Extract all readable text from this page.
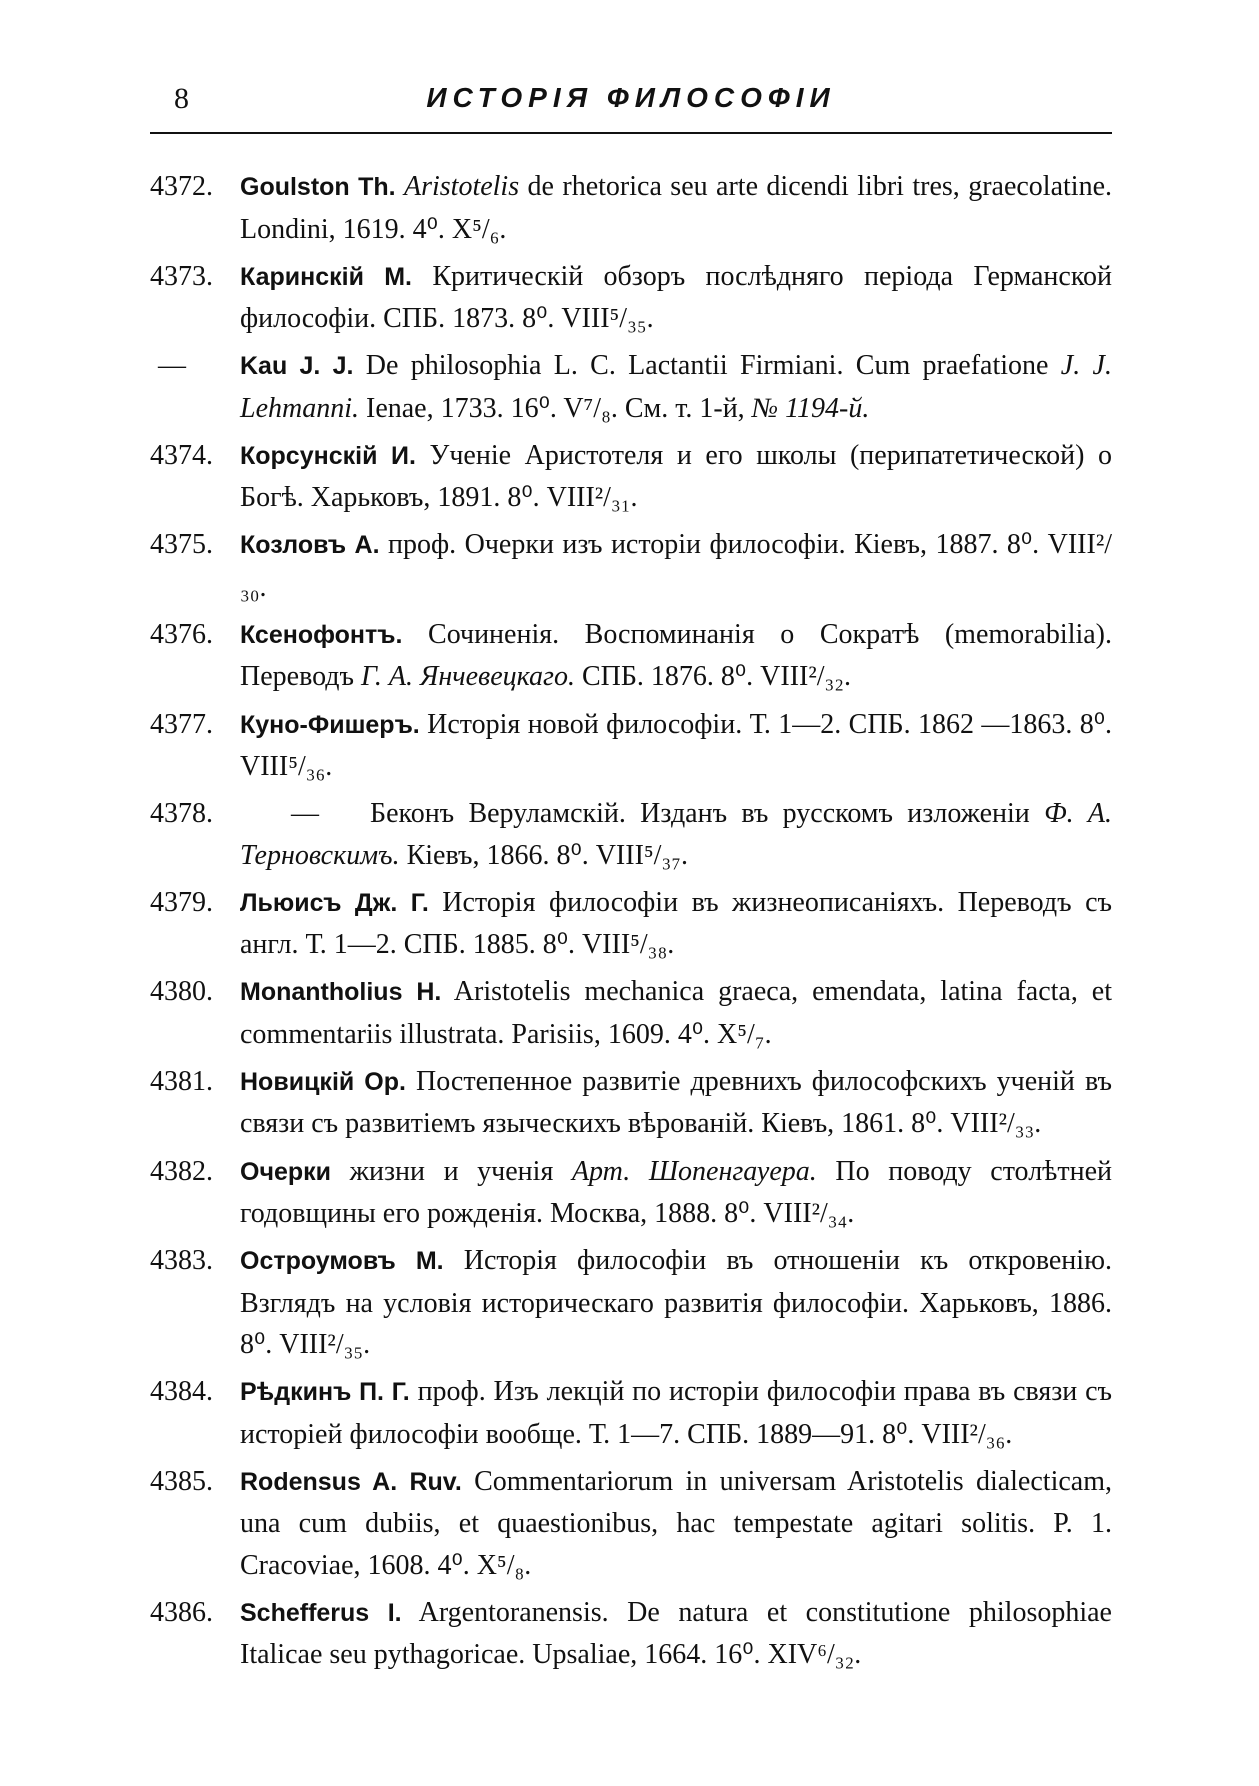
8	ИСТОРІЯ ФИЛОСОФІИ
4372.	Goulston Th. Aristotelis de rhetorica seu arte dicendi libri tres, graecolatine. Londini, 1619. 4⁰. X⁵/₆.
4373.	Каринскій М. Критическій обзоръ послѣдняго періода Германской философіи. СПБ. 1873. 8⁰. VIII⁵/₃₅.
—	Kau J. J. De philosophia L. C. Lactantii Firmiani. Cum praefatione J. J. Lehmanni. Ienae, 1733. 16⁰. V⁷/₈. См. т. 1-й, № 1194-й.
4374.	Корсунскій И. Ученіе Аристотеля и его школы (перипатетической) о Богѣ. Харьковъ, 1891. 8⁰. VIII²/₃₁.
4375.	Козловъ А. проф. Очерки изъ исторіи философіи. Кіевъ, 1887. 8⁰. VIII²/₃₀.
4376.	Ксенофонтъ. Сочиненія. Воспоминанія о Сократѣ (memorabilia). Переводъ Г. А. Янчевецкаго. СПБ. 1876. 8⁰. VIII²/₃₂.
4377.	Куно-Фишеръ. Исторія новой философіи. Т. 1—2. СПБ. 1862 —1863. 8⁰. VIII⁵/₃₆.
4378.	— Беконъ Веруламскій. Изданъ въ русскомъ изложеніи Ф. А. Терновскимъ. Кіевъ, 1866. 8⁰. VIII⁵/₃₇.
4379.	Льюисъ Дж. Г. Исторія философіи въ жизнеописаніяхъ. Переводъ съ англ. Т. 1—2. СПБ. 1885. 8⁰. VIII⁵/₃₈.
4380.	Monantholius H. Aristotelis mechanica graeca, emendata, latina facta, et commentariis illustrata. Parisiis, 1609. 4⁰. X⁵/₇.
4381.	Новицкій Ор. Постепенное развитіе древнихъ философскихъ ученій въ связи съ развитіемъ языческихъ вѣрованій. Кіевъ, 1861. 8⁰. VIII²/₃₃.
4382.	Очерки жизни и ученія Арт. Шопенгауера. По поводу столѣтней годовщины его рожденія. Москва, 1888. 8⁰. VIII²/₃₄.
4383.	Остроумовъ М. Исторія философіи въ отношеніи къ откровенію. Взглядъ на условія историческаго развитія философіи. Харьковъ, 1886. 8⁰. VIII²/₃₅.
4384.	Рѣдкинъ П. Г. проф. Изъ лекцій по исторіи философіи права въ связи съ исторіей философіи вообще. Т. 1—7. СПБ. 1889—91. 8⁰. VIII²/₃₆.
4385.	Rodensus A. Ruv. Commentariorum in universam Aristotelis dialecticam, una cum dubiis, et quaestionibus, hac tempestate agitari solitis. P. 1. Cracoviae, 1608. 4⁰. X⁵/₈.
4386.	Schefferus I. Argentoranensis. De natura et constitutione philosophiae Italicae seu pythagoricae. Upsaliae, 1664. 16⁰. XIV⁶/₃₂.
